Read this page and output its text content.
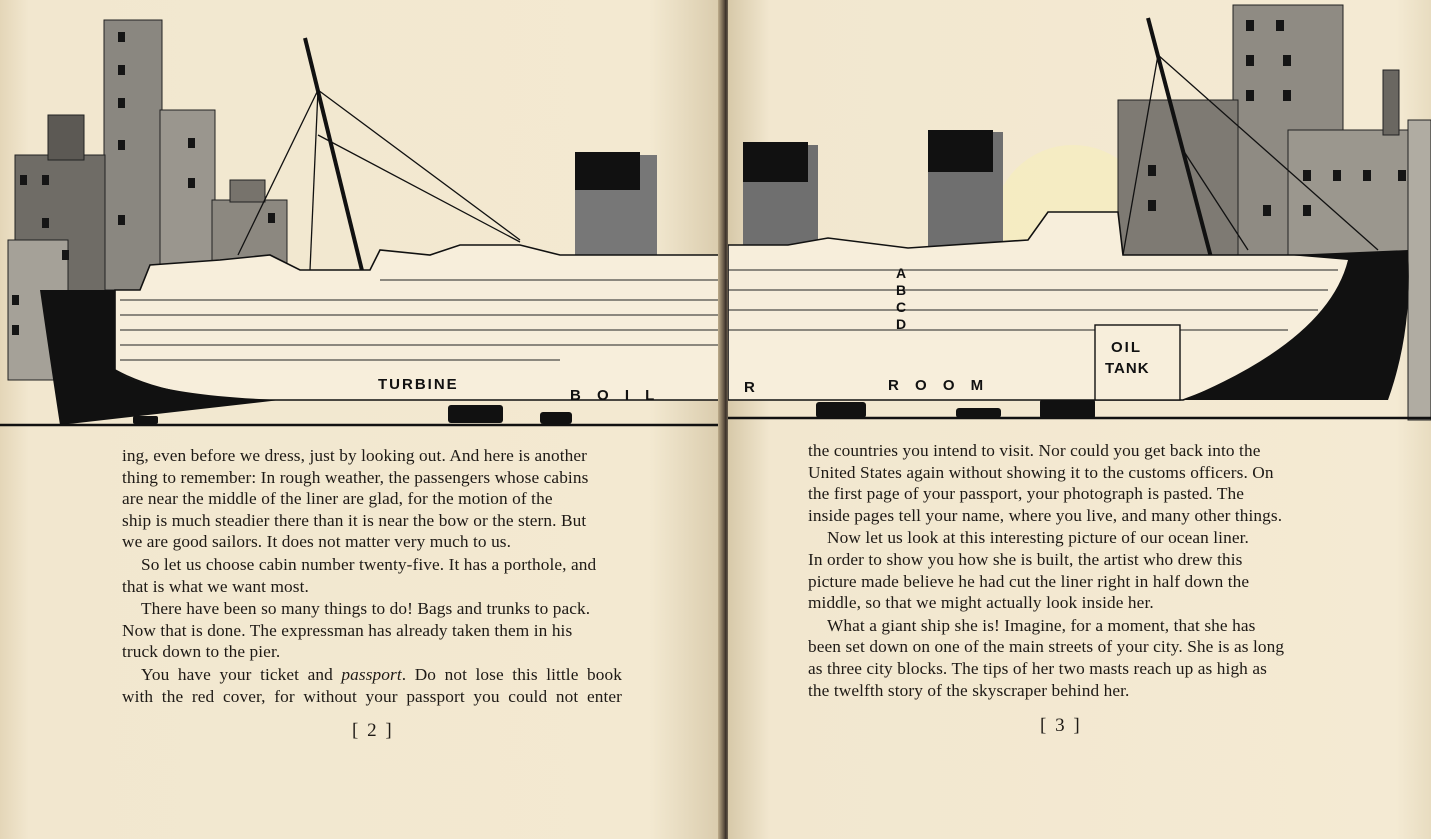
TURBINE
B O I L

ing, even before we dress, just by looking out. And here is another
thing to remember: In rough weather, the passengers whose cabins
are near the middle of the liner are glad, for the motion of the
ship is much steadier there than it is near the bow or the stern. But
we are good sailors. It does not matter very much to us.

So let us choose cabin number twenty-five. It has a porthole, and
that is what we want most.

There have been so many things to do! Bags and trunks to pack.
Now that is done. The expressman has already taken them in his
truck down to the pier.

You have your ticket and passport. Do not lose this little book
with the red cover, for without your passport you could not enter

[ 2 ]
OIL
TANK
R	R O O M
A
B
C
D

the countries you intend to visit. Nor could you get back into the
United States again without showing it to the customs officers. On
the first page of your passport, your photograph is pasted. The
inside pages tell your name, where you live, and many other things.

Now let us look at this interesting picture of our ocean liner.
In order to show you how she is built, the artist who drew this
picture made believe he had cut the liner right in half down the
middle, so that we might actually look inside her.

What a giant ship she is! Imagine, for a moment, that she has
been set down on one of the main streets of your city. She is as long
as three city blocks. The tips of her two masts reach up as high as
the twelfth story of the skyscraper behind her.

[ 3 ]
